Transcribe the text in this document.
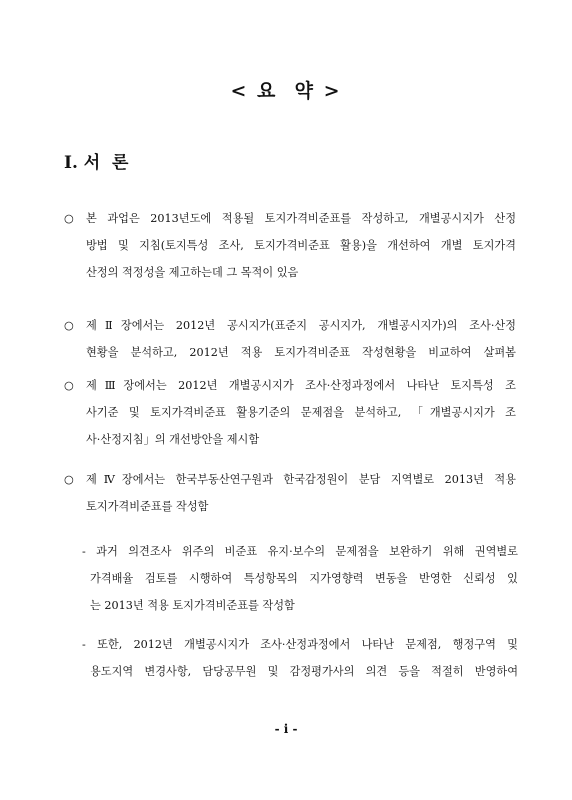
< 요  약 >
Ⅰ. 서  론
○	본 과업은 2013년도에 적용될 토지가격비준표를 작성하고, 개별공시지가 산정
방법 및 지침(토지특성 조사, 토지가격비준표 활용)을 개선하여 개별 토지가격
산정의 적정성을 제고하는데 그 목적이 있음
○	제Ⅱ장에서는 2012년 공시지가(표준지 공시지가, 개별공시지가)의 조사·산정
현황을 분석하고, 2012년 적용 토지가격비준표 작성현황을 비교하여 살펴봄
○	제Ⅲ장에서는 2012년 개별공시지가 조사·산정과정에서 나타난 토지특성 조
사기준 및 토지가격비준표 활용기준의 문제점을 분석하고, 「개별공시지가 조
사·산정지침」의 개선방안을 제시함
○	제Ⅳ장에서는 한국부동산연구원과 한국감정원이 분담 지역별로 2013년 적용
토지가격비준표를 작성함
- 과거 의견조사 위주의 비준표 유지·보수의 문제점을 보완하기 위해 권역별로
가격배율 검토를 시행하여 특성항목의 지가영향력 변동을 반영한 신뢰성 있
는 2013년 적용 토지가격비준표를 작성함
- 또한, 2012년 개별공시지가 조사·산정과정에서 나타난 문제점, 행정구역 및
용도지역 변경사항, 담당공무원 및 감정평가사의 의견 등을 적절히 반영하여
- i -
